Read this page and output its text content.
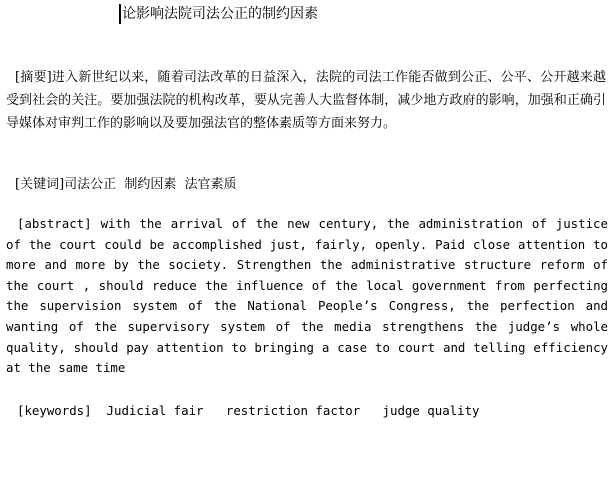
论影响法院司法公正的制约因素
[摘要]进入新世纪以来，随着司法改革的日益深入，法院的司法工作能否做到公正、公平、公开越来越受到社会的关注。要加强法院的机构改革，要从完善人大监督体制，减少地方政府的影响，加强和正确引导媒体对审判工作的影响以及要加强法官的整体素质等方面来努力。
[关键词]司法公正  制约因素  法官素质
[abstract] with the arrival of the new century, the administration of justice of the court could be accomplished just, fairly, openly. Paid close attention to more and more by the society. Strengthen the administrative structure reform of the court , should reduce the influence of the local government from perfecting the supervision system of the National People’s Congress, the perfection and wanting of the supervisory system of the media strengthens the judge’s whole quality, should pay attention to bringing a case to court and telling efficiency at the same time
[keywords] Judicial fair   restriction factor   judge quality
